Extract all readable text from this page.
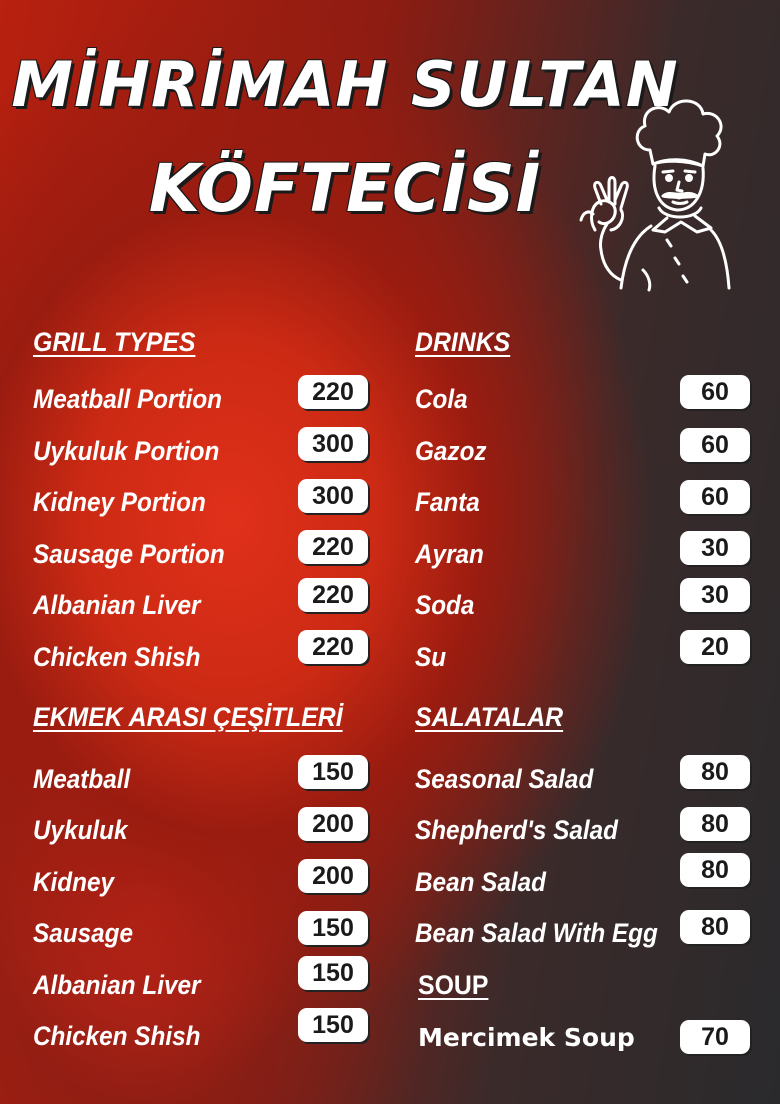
MİHRİMAH SULTAN
KÖFTECİSİ
GRILL TYPES
Meatball Portion	220
Uykuluk Portion	300
Kidney Portion	300
Sausage Portion	220
Albanian Liver	220
Chicken Shish	220
DRINKS
Cola	60
Gazoz	60
Fanta	60
Ayran	30
Soda	30
Su	20
EKMEK ARASI ÇEŞİTLERİ
Meatball	150
Uykuluk	200
Kidney	200
Sausage	150
Albanian Liver	150
Chicken Shish	150
SALATALAR
Seasonal Salad	80
Shepherd's Salad	80
Bean Salad	80
Bean Salad With Egg	80
SOUP
Mercimek Soup	70
